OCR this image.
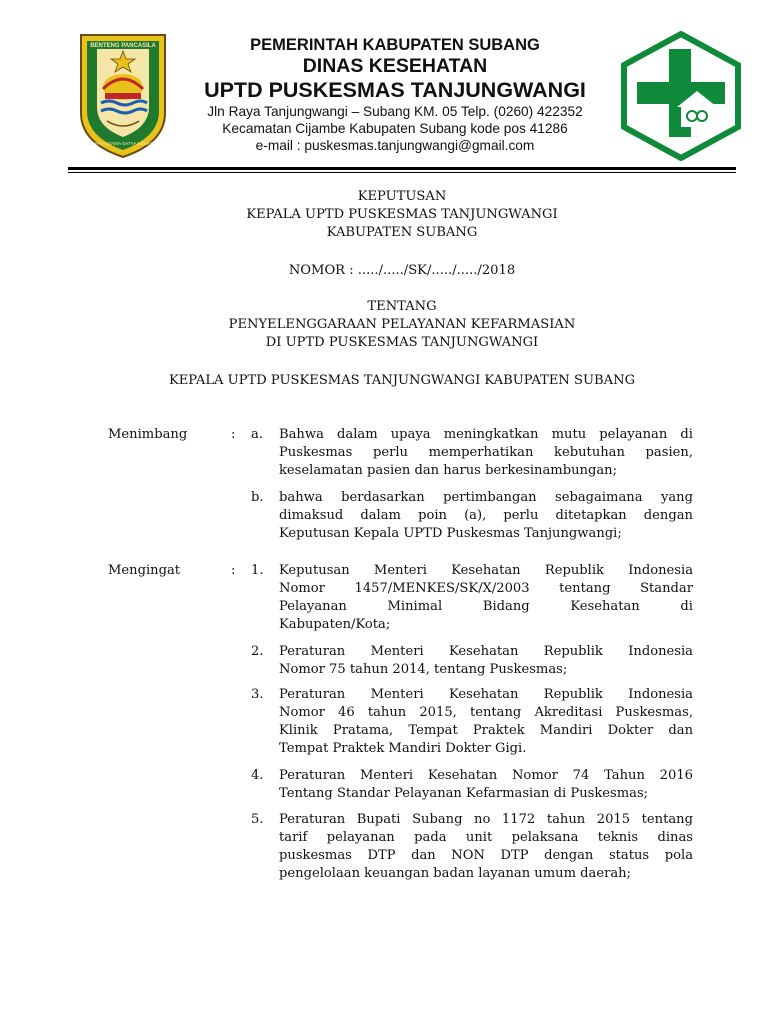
BENTENG PANCASILA
KARYA UTAMA SATYA NEGARA
PEMERINTAH KABUPATEN SUBANG
DINAS KESEHATAN
UPTD PUSKESMAS TANJUNGWANGI
Jln Raya Tanjungwangi – Subang KM. 05 Telp. (0260) 422352
Kecamatan Cijambe Kabupaten Subang kode pos 41286
e-mail : puskesmas.tanjungwangi@gmail.com
KEPUTUSAN
KEPALA UPTD PUSKESMAS TANJUNGWANGI
KABUPATEN SUBANG
NOMOR : ...../...../SK/...../...../2018
TENTANG
PENYELENGGARAAN PELAYANAN KEFARMASIAN
DI UPTD PUSKESMAS TANJUNGWANGI
KEPALA UPTD PUSKESMAS TANJUNGWANGI KABUPATEN SUBANG
Menimbang	: a. Bahwa dalam upaya meningkatkan mutu pelayanan di

Puskesmas perlu memperhatikan kebutuhan pasien,

keselamatan pasien dan harus berkesinambungan;

b. bahwa berdasarkan pertimbangan sebagaimana yang

dimaksud dalam poin (a), perlu ditetapkan dengan

Keputusan Kepala UPTD Puskesmas Tanjungwangi;

Mengingat	: 1. Keputusan Menteri Kesehatan Republik Indonesia

Nomor 1457/MENKES/SK/X/2003 tentang Standar

Pelayanan Minimal Bidang Kesehatan di

Kabupaten/Kota;

2. Peraturan Menteri Kesehatan Republik Indonesia

Nomor 75 tahun 2014, tentang Puskesmas;

3. Peraturan Menteri Kesehatan Republik Indonesia

Nomor 46 tahun 2015, tentang Akreditasi Puskesmas,

Klinik Pratama, Tempat Praktek Mandiri Dokter dan

Tempat Praktek Mandiri Dokter Gigi.

4. Peraturan Menteri Kesehatan Nomor 74 Tahun 2016

Tentang Standar Pelayanan Kefarmasian di Puskesmas;

5. Peraturan Bupati Subang no 1172 tahun 2015 tentang

tarif pelayanan pada unit pelaksana teknis dinas

puskesmas DTP dan NON DTP dengan status pola

pengelolaan keuangan badan layanan umum daerah;
